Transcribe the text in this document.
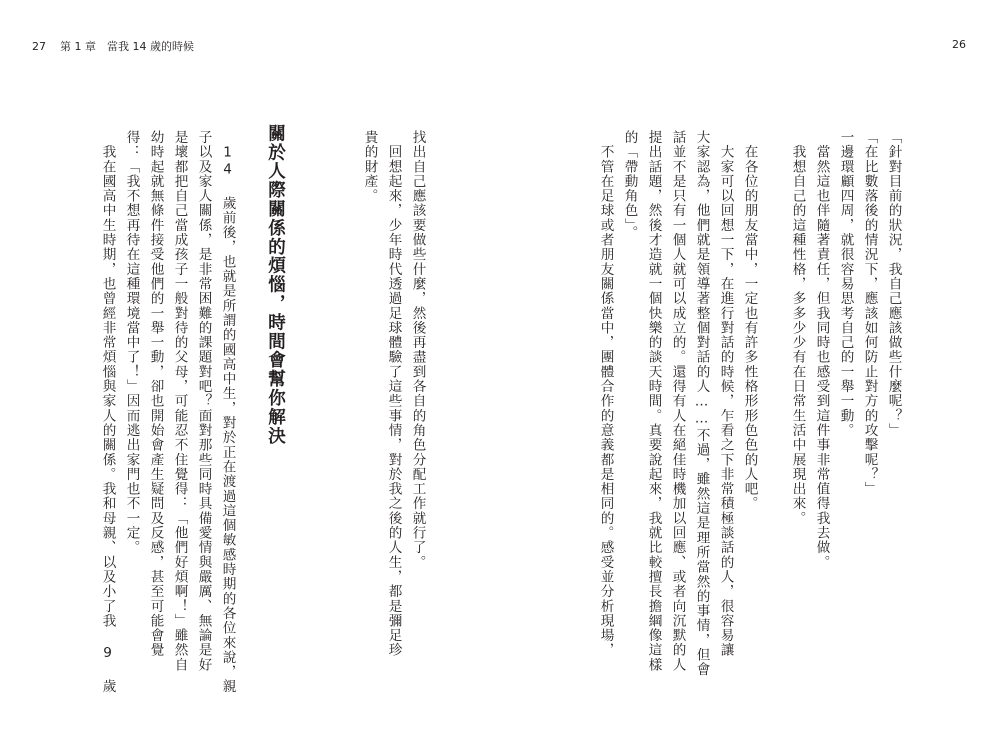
27 第 1 章　當我 14 歲的時候	26
「針對目前的狀況，我自己應該做些什麼呢？」
「在比數落後的情況下，應該如何防止對方的攻擊呢？」
一邊環顧四周，就很容易思考自己的一舉一動。
　當然這也伴隨著責任，但我同時也感受到這件事非常值得我去做。
　我想自己的這種性格，多多少少有在日常生活中展現出來。
　在各位的朋友當中，一定也有許多性格形形色色的人吧。
　大家可以回想一下，在進行對話的時候，乍看之下非常積極談話的人，很容易讓
大家認為，他們就是領導著整個對話的人……不過，雖然這是理所當然的事情，但會
話並不是只有一個人就可以成立的。還得有人在絕佳時機加以回應、或者向沉默的人
提出話題，然後才造就一個快樂的談天時間。真要說起來，我就比較擅長擔綱像這樣
的「帶動角色」。
　不管在足球或者朋友關係當中，團體合作的意義都是相同的。感受並分析現場，
找出自己應該要做些什麼，然後再盡到各自的角色分配工作就行了。
　回想起來，少年時代透過足球體驗了這些事情，對於我之後的人生，都是彌足珍
貴的財產。
關於人際關係的煩惱，時間會幫你解決
　14 歲前後，也就是所謂的國高中生，對於正在渡過這個敏感時期的各位來說，親
子以及家人關係，是非常困難的課題對吧？面對那些同時具備愛情與嚴厲、無論是好
是壞都把自己當成孩子一般對待的父母，可能忍不住覺得：「他們好煩啊！」雖然自
幼時起就無條件接受他們的一舉一動，卻也開始會產生疑問及反感，甚至可能會覺
得：「我不想再待在這種環境當中了！」因而逃出家門也不一定。
　我在國高中生時期，也曾經非常煩惱與家人的關係。我和母親、以及小了我 9 歲
